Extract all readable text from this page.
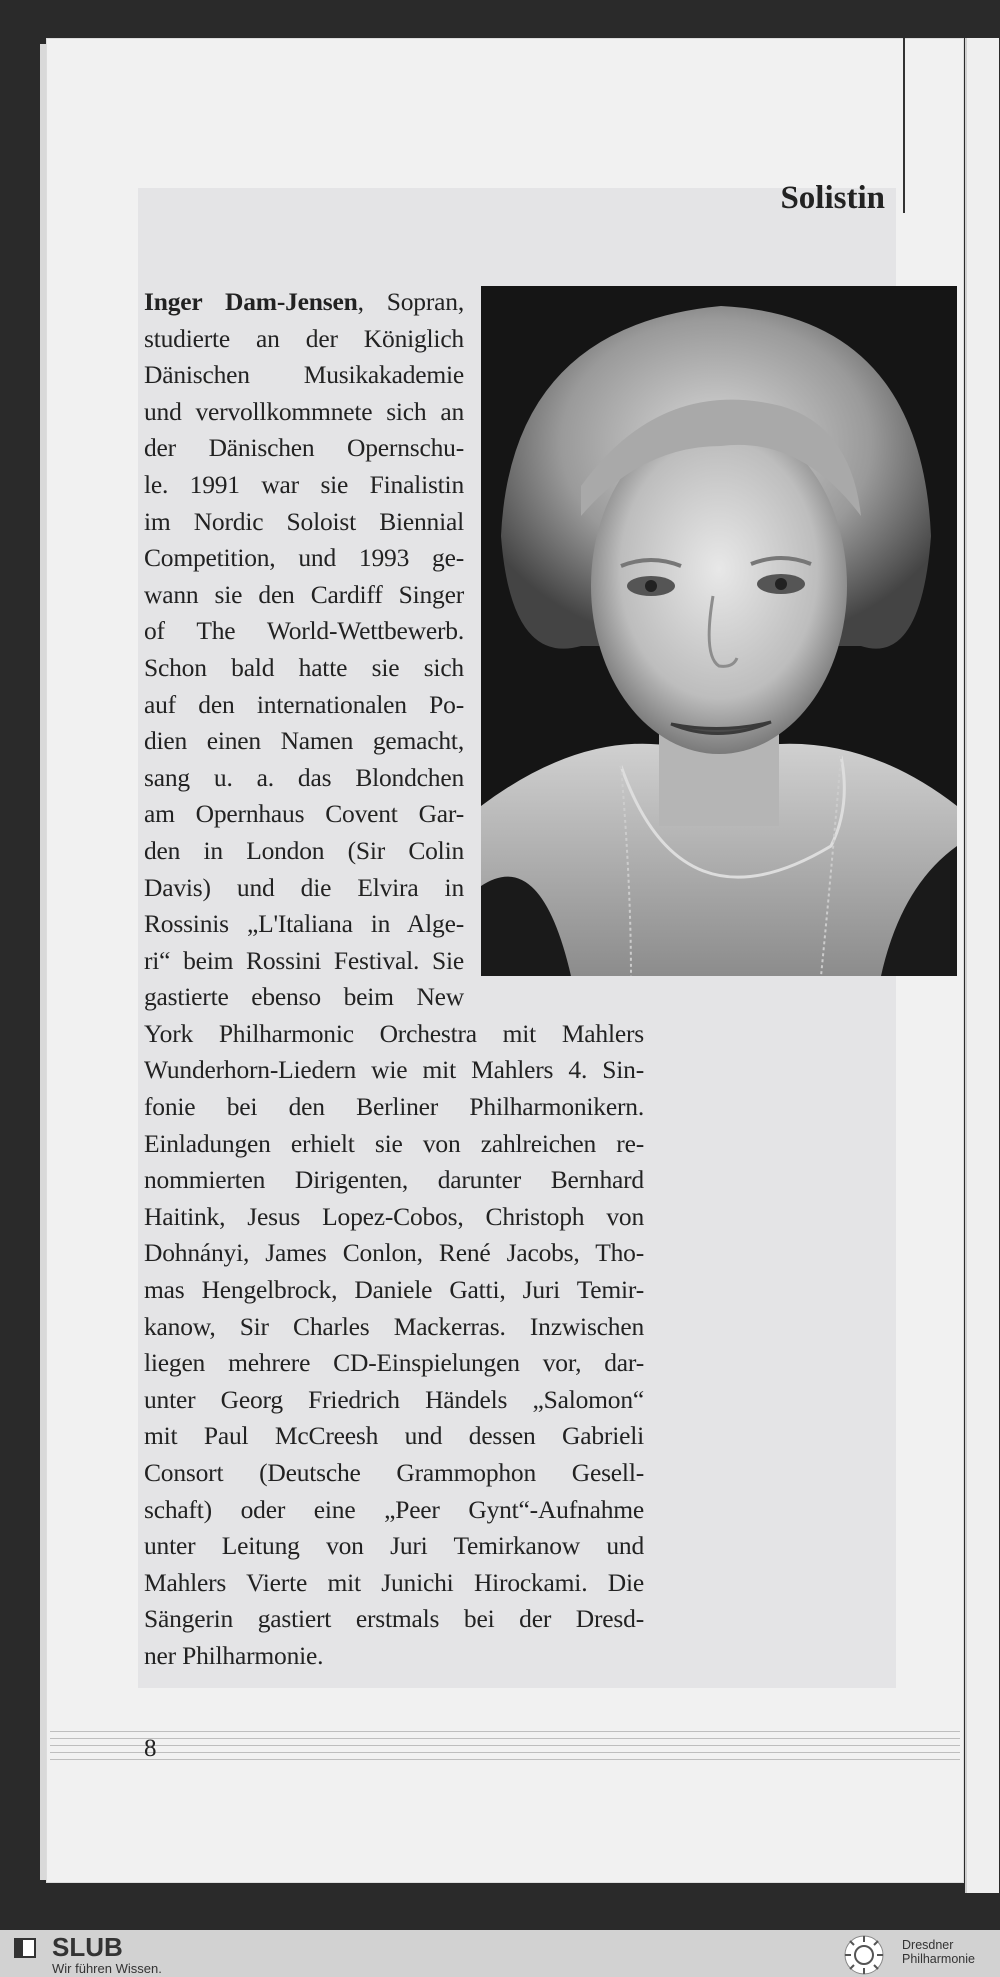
Solistin
Inger Dam-Jensen, Sopran,
studierte an der Königlich
Dänischen Musikakademie
und vervollkommnete sich an
der Dänischen Opernschu-
le. 1991 war sie Finalistin
im Nordic Soloist Biennial
Competition, und 1993 ge-
wann sie den Cardiff Singer
of The World-Wettbewerb.
Schon bald hatte sie sich
auf den internationalen Po-
dien einen Namen gemacht,
sang u. a. das Blondchen
am Opernhaus Covent Gar-
den in London (Sir Colin
Davis) und die Elvira in
Rossinis „L'Italiana in Alge-
ri“ beim Rossini Festival. Sie
gastierte ebenso beim New
York Philharmonic Orchestra mit Mahlers
Wunderhorn-Liedern wie mit Mahlers 4. Sin-
fonie bei den Berliner Philharmonikern.
Einladungen erhielt sie von zahlreichen re-
nommierten Dirigenten, darunter Bernhard
Haitink, Jesus Lopez-Cobos, Christoph von
Dohnányi, James Conlon, René Jacobs, Tho-
mas Hengelbrock, Daniele Gatti, Juri Temir-
kanow, Sir Charles Mackerras. Inzwischen
liegen mehrere CD-Einspielungen vor, dar-
unter Georg Friedrich Händels „Salomon“
mit Paul McCreesh und dessen Gabrieli
Consort (Deutsche Grammophon Gesell-
schaft) oder eine „Peer Gynt“-Aufnahme
unter Leitung von Juri Temirkanow und
Mahlers Vierte mit Junichi Hirockami. Die
Sängerin gastiert erstmals bei der Dresd-
ner Philharmonie.
8
SLUB
Wir führen Wissen.
Dresdner
Philharmonie
